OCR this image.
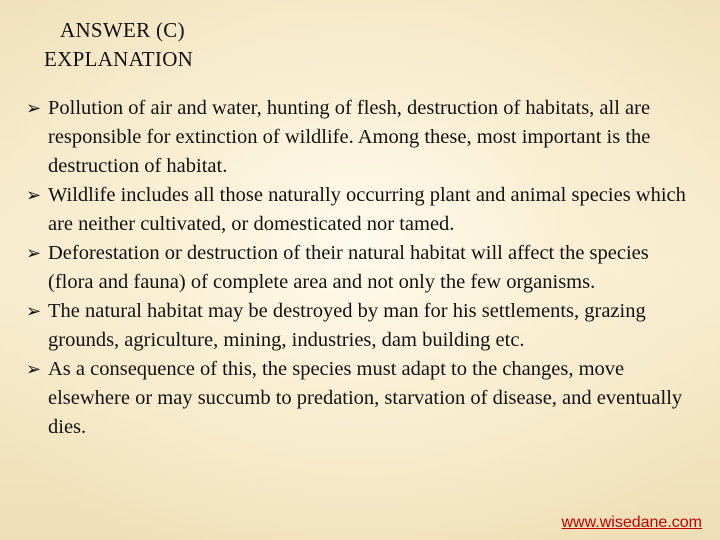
ANSWER (C)
EXPLANATION
➢ Pollution of air and water, hunting of flesh, destruction of habitats, all are responsible for extinction of wildlife. Among these, most important is the destruction of habitat.
➢ Wildlife includes all those naturally occurring plant and animal species which are neither cultivated, or domesticated nor tamed.
➢ Deforestation or destruction of their natural habitat will affect the species (flora and fauna) of complete area and not only the few organisms.
➢ The natural habitat may be destroyed by man for his settlements, grazing grounds, agriculture, mining, industries, dam building etc.
➢ As a consequence of this, the species must adapt to the changes, move elsewhere or may succumb to predation, starvation of disease, and eventually dies.
www.wisedane.com
